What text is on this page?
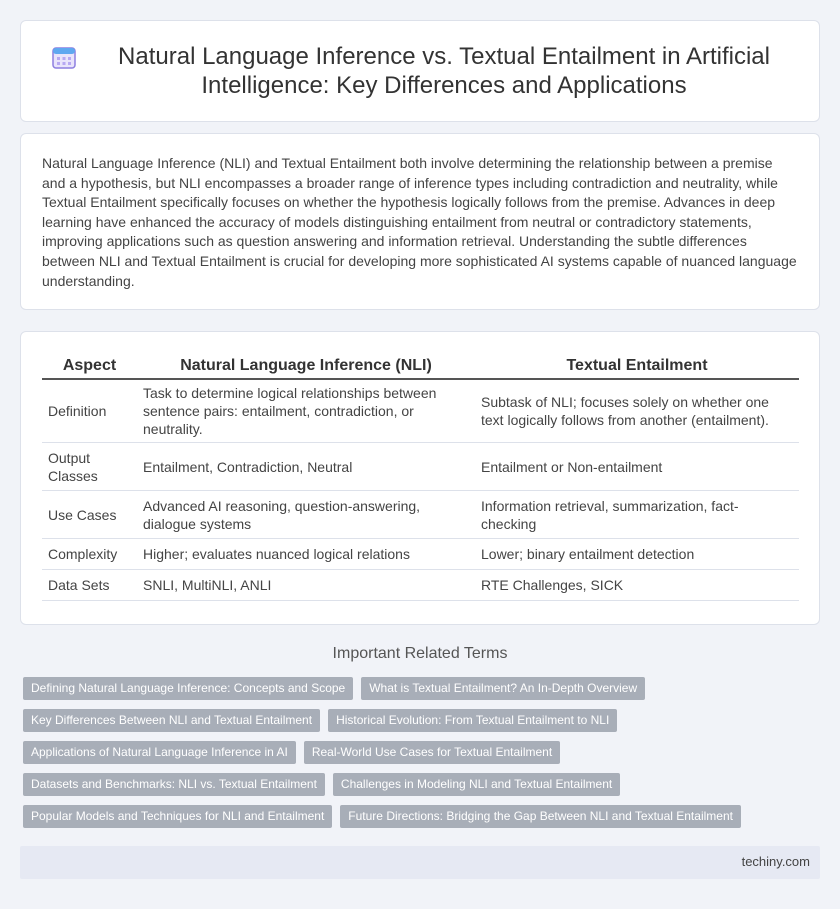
Natural Language Inference vs. Textual Entailment in Artificial Intelligence: Key Differences and Applications

Natural Language Inference (NLI) and Textual Entailment both involve determining the relationship between a premise and a hypothesis, but NLI encompasses a broader range of inference types including contradiction and neutrality, while Textual Entailment specifically focuses on whether the hypothesis logically follows from the premise. Advances in deep learning have enhanced the accuracy of models distinguishing entailment from neutral or contradictory statements, improving applications such as question answering and information retrieval. Understanding the subtle differences between NLI and Textual Entailment is crucial for developing more sophisticated AI systems capable of nuanced language understanding.

Aspect	Natural Language Inference (NLI)	Textual Entailment
Definition	Task to determine logical relationships between sentence pairs: entailment, contradiction, or neutrality.	Subtask of NLI; focuses solely on whether one text logically follows from another (entailment).
Output Classes	Entailment, Contradiction, Neutral	Entailment or Non-entailment
Use Cases	Advanced AI reasoning, question-answering, dialogue systems	Information retrieval, summarization, fact-checking
Complexity	Higher; evaluates nuanced logical relations	Lower; binary entailment detection
Data Sets	SNLI, MultiNLI, ANLI	RTE Challenges, SICK
Important Related Terms
Defining Natural Language Inference: Concepts and Scope	What is Textual Entailment? An In-Depth Overview
Key Differences Between NLI and Textual Entailment	Historical Evolution: From Textual Entailment to NLI
Applications of Natural Language Inference in AI	Real-World Use Cases for Textual Entailment
Datasets and Benchmarks: NLI vs. Textual Entailment	Challenges in Modeling NLI and Textual Entailment
Popular Models and Techniques for NLI and Entailment	Future Directions: Bridging the Gap Between NLI and Textual Entailment
techiny.com
